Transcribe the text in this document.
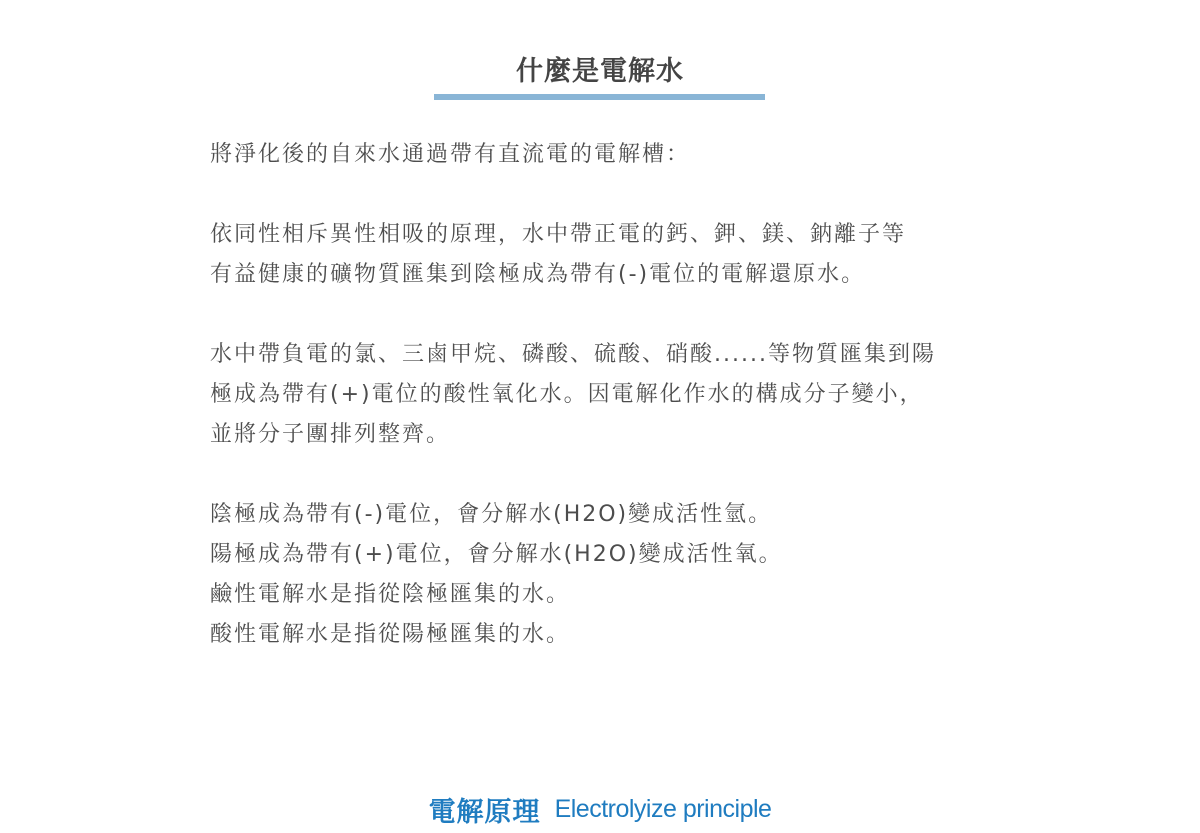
什麼是電解水

將淨化後的自來水通過帶有直流電的電解槽：

依同性相斥異性相吸的原理，水中帶正電的鈣、鉀、鎂、鈉離子等
有益健康的礦物質匯集到陰極成為帶有(-)電位的電解還原水。

水中帶負電的氯、三鹵甲烷、磷酸、硫酸、硝酸......等物質匯集到陽
極成為帶有(+)電位的酸性氧化水。因電解化作水的構成分子變小，
並將分子團排列整齊。

陰極成為帶有(-)電位，會分解水(H2O)變成活性氫。
陽極成為帶有(+)電位，會分解水(H2O)變成活性氧。
鹼性電解水是指從陰極匯集的水。
酸性電解水是指從陽極匯集的水。

電解原理 Electrolyize principle
